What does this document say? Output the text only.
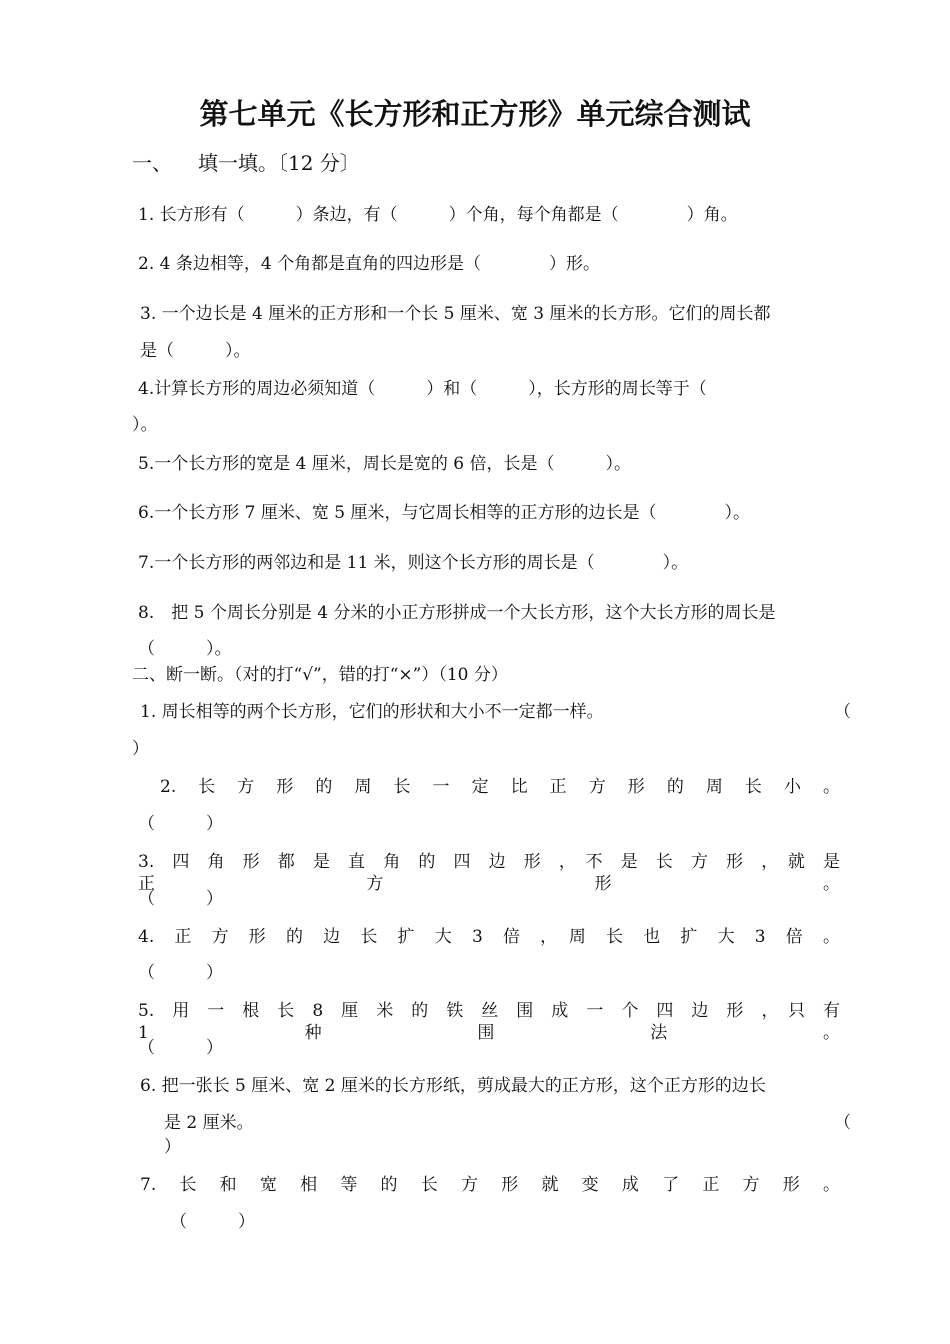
第七单元《长方形和正方形》单元综合测试
一、 填一填。〔12 分〕
1. 长方形有（　　　）条边，有（　　　）个角，每个角都是（　　　　）角。
2. 4 条边相等，4 个角都是直角的四边形是（　　　　）形。
3. 一个边长是 4 厘米的正方形和一个长 5 厘米、宽 3 厘米的长方形。它们的周长都
是（　　　）。
4.计算长方形的周边必须知道（　　　）和（　　　），长方形的周长等于（
）。
5.一个长方形的宽是 4 厘米，周长是宽的 6 倍，长是（　　　）。
6.一个长方形 7 厘米、宽 5 厘米，与它周长相等的正方形的边长是（　　　　）。
7.一个长方形的两邻边和是 11 米，则这个长方形的周长是（　　　　）。
8.　把 5 个周长分别是 4 分米的小正方形拼成一个大长方形，这个大长方形的周长是
（　　　）。
二、断一断。（对的打“√”，错的打“×”）（10 分）
1. 周长相等的两个长方形，它们的形状和大小不一定都一样。	（
）
2.　长　方　形　的　周　长　一　定　比　正　方　形　的　周　长　小　。
（　　　）
3.　四　角　形　都　是　直　角　的　四　边　形　，　不　是　长　方　形　，　就　是　正　方　形　。
（　　　）
4.　正　方　形　的　边　长　扩　大　3　倍　，　周　长　也　扩　大　3　倍　。
（　　　）
5.　用　一　根　长　8　厘　米　的　铁　丝　围　成　一　个　四　边　形　，　只　有　1　种　围　法　。
（　　　）
6. 把一张长 5 厘米、宽 2 厘米的长方形纸，剪成最大的正方形，这个正方形的边长
是 2 厘米。	（
）
7.　长　和　宽　相　等　的　长　方　形　就　变　成　了　正　方　形　。
（　　　）
